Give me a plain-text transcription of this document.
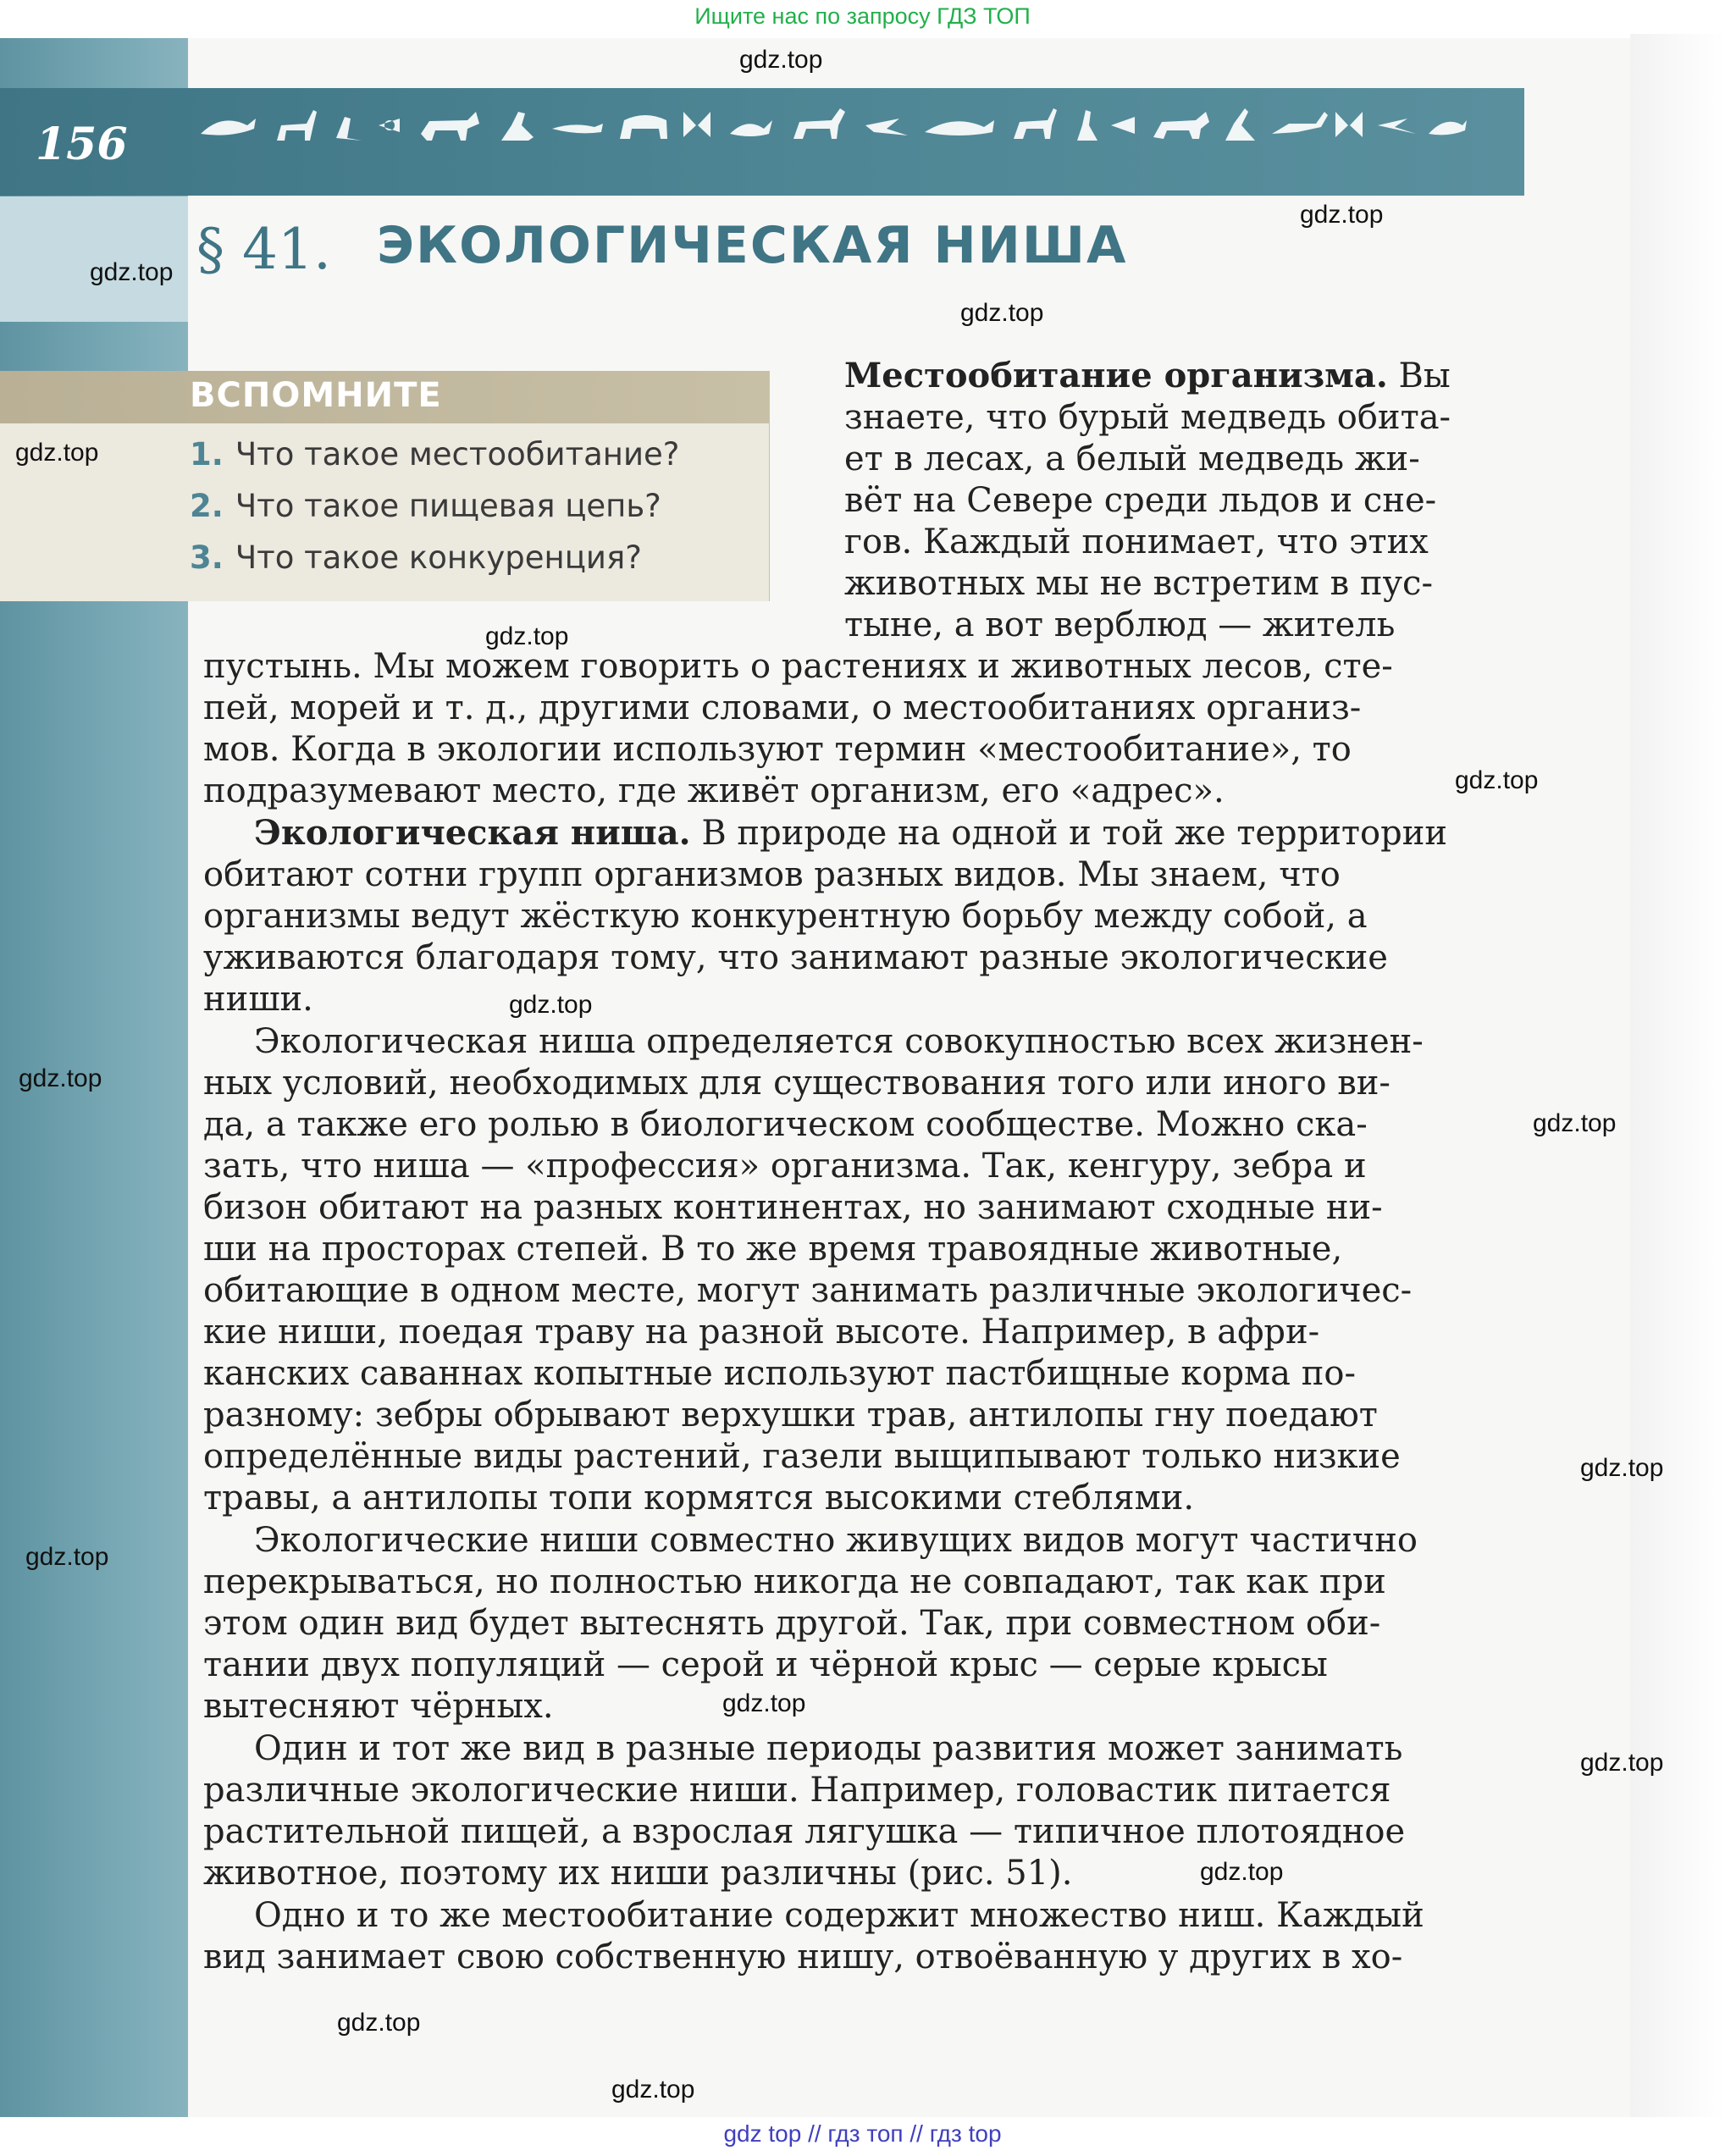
Ищите нас по запросу ГДЗ ТОП
156
§ 41. ЭКОЛОГИЧЕСКАЯ НИША
ВСПОМНИТЕ
1. Что такое местообитание?
2. Что такое пищевая цепь?
3. Что такое конкуренция?
Местообитание организма. Вы
знаете, что бурый медведь обита-
ет в лесах, а белый медведь жи-
вёт на Севере среди льдов и сне-
гов. Каждый понимает, что этих
животных мы не встретим в пус-
тыне, а вот верблюд — житель
пустынь. Мы можем говорить о растениях и животных лесов, сте-
пей, морей и т. д., другими словами, о местообитаниях организ-
мов. Когда в экологии используют термин «местообитание», то
подразумевают место, где живёт организм, его «адрес».
Экологическая ниша. В природе на одной и той же территории
обитают сотни групп организмов разных видов. Мы знаем, что
организмы ведут жёсткую конкурентную борьбу между собой, а
уживаются благодаря тому, что занимают разные экологические
ниши.
Экологическая ниша определяется совокупностью всех жизнен-
ных условий, необходимых для существования того или иного ви-
да, а также его ролью в биологическом сообществе. Можно ска-
зать, что ниша — «профессия» организма. Так, кенгуру, зебра и
бизон обитают на разных континентах, но занимают сходные ни-
ши на просторах степей. В то же время травоядные животные,
обитающие в одном месте, могут занимать различные экологичес-
кие ниши, поедая траву на разной высоте. Например, в афри-
канских саваннах копытные используют пастбищные корма по-
разному: зебры обрывают верхушки трав, антилопы гну поедают
определённые виды растений, газели выщипывают только низкие
травы, а антилопы топи кормятся высокими стеблями.
Экологические ниши совместно живущих видов могут частично
перекрываться, но полностью никогда не совпадают, так как при
этом один вид будет вытеснять другой. Так, при совместном оби-
тании двух популяций — серой и чёрной крыс — серые крысы
вытесняют чёрных.
Один и тот же вид в разные периоды развития может занимать
различные экологические ниши. Например, головастик питается
растительной пищей, а взрослая лягушка — типичное плотоядное
животное, поэтому их ниши различны (рис. 51).
Одно и то же местообитание содержит множество ниш. Каждый
вид занимает свою собственную нишу, отвоёванную у других в хо-
gdz.top
gdz.top
gdz.top
gdz.top
gdz.top
gdz.top
gdz.top
gdz.top
gdz.top
gdz.top
gdz.top
gdz.top
gdz.top
gdz.top
gdz.top
gdz.top
gdz.top
gdz top // гдз топ // гдз top
